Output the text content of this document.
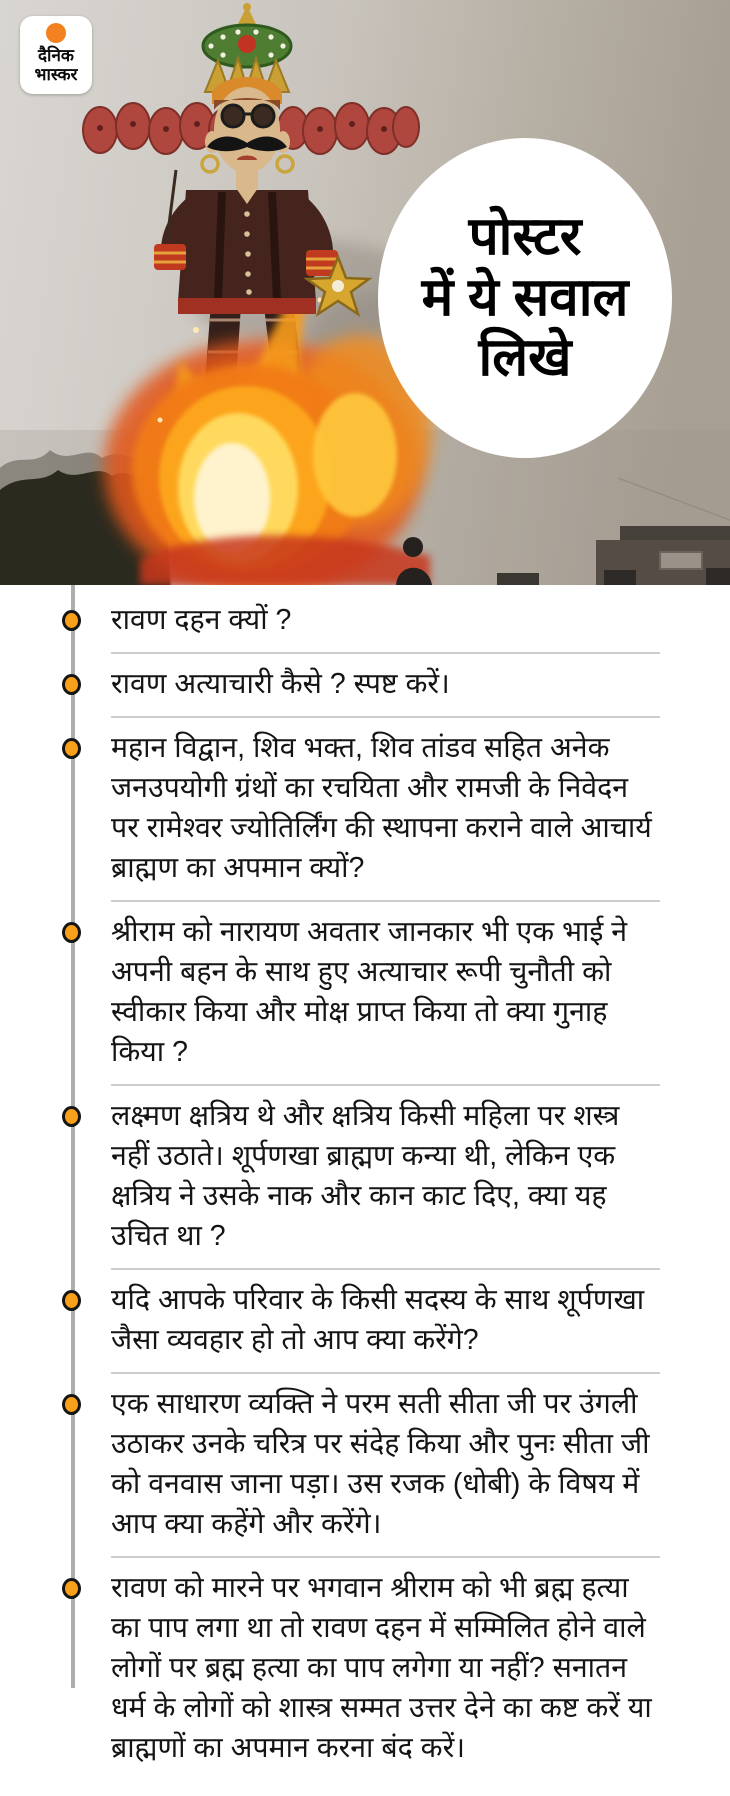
दैनिक
भास्कर
पोस्टर
में ये सवाल
लिखे

रावण दहन क्यों ?

रावण अत्याचारी कैसे ? स्पष्ट करें।

महान विद्वान, शिव भक्त, शिव तांडव सहित अनेक जनउपयोगी ग्रंथों का रचयिता और रामजी के निवेदन पर रामेश्वर ज्योतिर्लिंग की स्थापना कराने वाले आचार्य ब्राह्मण का अपमान क्यों?

श्रीराम को नारायण अवतार जानकार भी एक भाई ने अपनी बहन के साथ हुए अत्याचार रूपी चुनौती को स्वीकार किया और मोक्ष प्राप्त किया तो क्या गुनाह किया ?

लक्ष्मण क्षत्रिय थे और क्षत्रिय किसी महिला पर शस्त्र नहीं उठाते। शूर्पणखा ब्राह्मण कन्या थी, लेकिन एक क्षत्रिय ने उसके नाक और कान काट दिए, क्या यह उचित था ?

यदि आपके परिवार के किसी सदस्य के साथ शूर्पणखा जैसा व्यवहार हो तो आप क्या करेंगे?

एक साधारण व्यक्ति ने परम सती सीता जी पर उंगली उठाकर उनके चरित्र पर संदेह किया और पुनः सीता जी को वनवास जाना पड़ा। उस रजक (धोबी) के विषय में आप क्या कहेंगे और करेंगे।

रावण को मारने पर भगवान श्रीराम को भी ब्रह्म हत्या का पाप लगा था तो रावण दहन में सम्मिलित होने वाले लोगों पर ब्रह्म हत्या का पाप लगेगा या नहीं? सनातन धर्म के लोगों को शास्त्र सम्मत उत्तर देने का कष्ट करें या ब्राह्मणों का अपमान करना बंद करें।
